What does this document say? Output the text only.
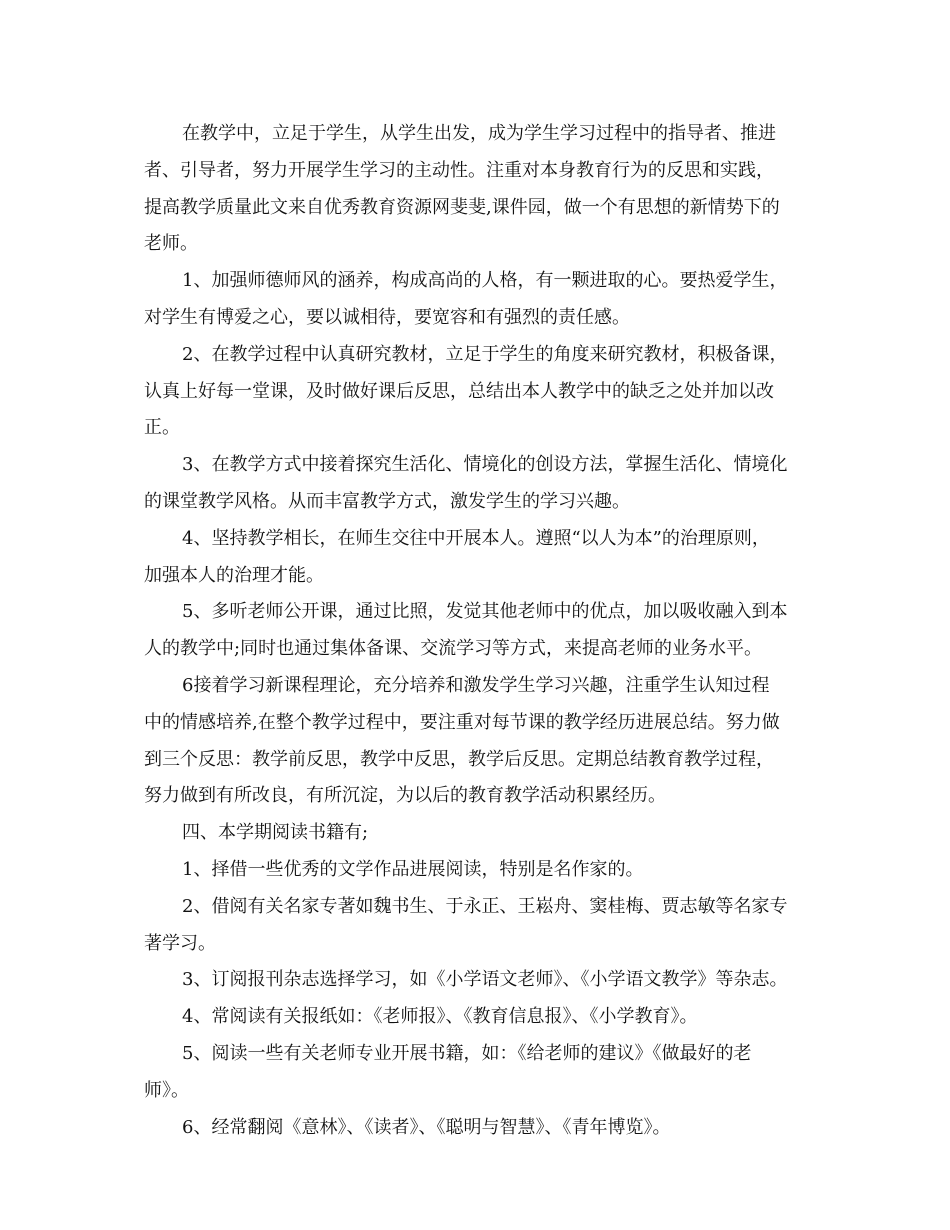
在教学中，立足于学生，从学生出发，成为学生学习过程中的指导者、推进
者、引导者，努力开展学生学习的主动性。注重对本身教育行为的反思和实践，
提高教学质量此文来自优秀教育资源网斐斐,课件园，做一个有思想的新情势下的
老师。
1、加强师德师风的涵养，构成高尚的人格，有一颗进取的心。要热爱学生，
对学生有博爱之心，要以诚相待，要宽容和有强烈的责任感。
2、在教学过程中认真研究教材，立足于学生的角度来研究教材，积极备课，
认真上好每一堂课，及时做好课后反思，总结出本人教学中的缺乏之处并加以改
正。
3、在教学方式中接着探究生活化、情境化的创设方法，掌握生活化、情境化
的课堂教学风格。从而丰富教学方式，激发学生的学习兴趣。
4、坚持教学相长，在师生交往中开展本人。遵照“以人为本”的治理原则，
加强本人的治理才能。
5、多听老师公开课，通过比照，发觉其他老师中的优点，加以吸收融入到本
人的教学中;同时也通过集体备课、交流学习等方式，来提高老师的业务水平。
6接着学习新课程理论，充分培养和激发学生学习兴趣，注重学生认知过程
中的情感培养,在整个教学过程中，要注重对每节课的教学经历进展总结。努力做
到三个反思：教学前反思，教学中反思，教学后反思。定期总结教育教学过程，
努力做到有所改良，有所沉淀，为以后的教育教学活动积累经历。
四、本学期阅读书籍有;
1、择借一些优秀的文学作品进展阅读，特别是名作家的。
2、借阅有关名家专著如魏书生、于永正、王崧舟、窦桂梅、贾志敏等名家专
著学习。
3、订阅报刊杂志选择学习，如《小学语文老师》、《小学语文教学》等杂志。
4、常阅读有关报纸如：《老师报》、《教育信息报》、《小学教育》。
5、阅读一些有关老师专业开展书籍，如：《给老师的建议》《做最好的老
师》。
6、经常翻阅《意林》、《读者》、《聪明与智慧》、《青年博览》。
